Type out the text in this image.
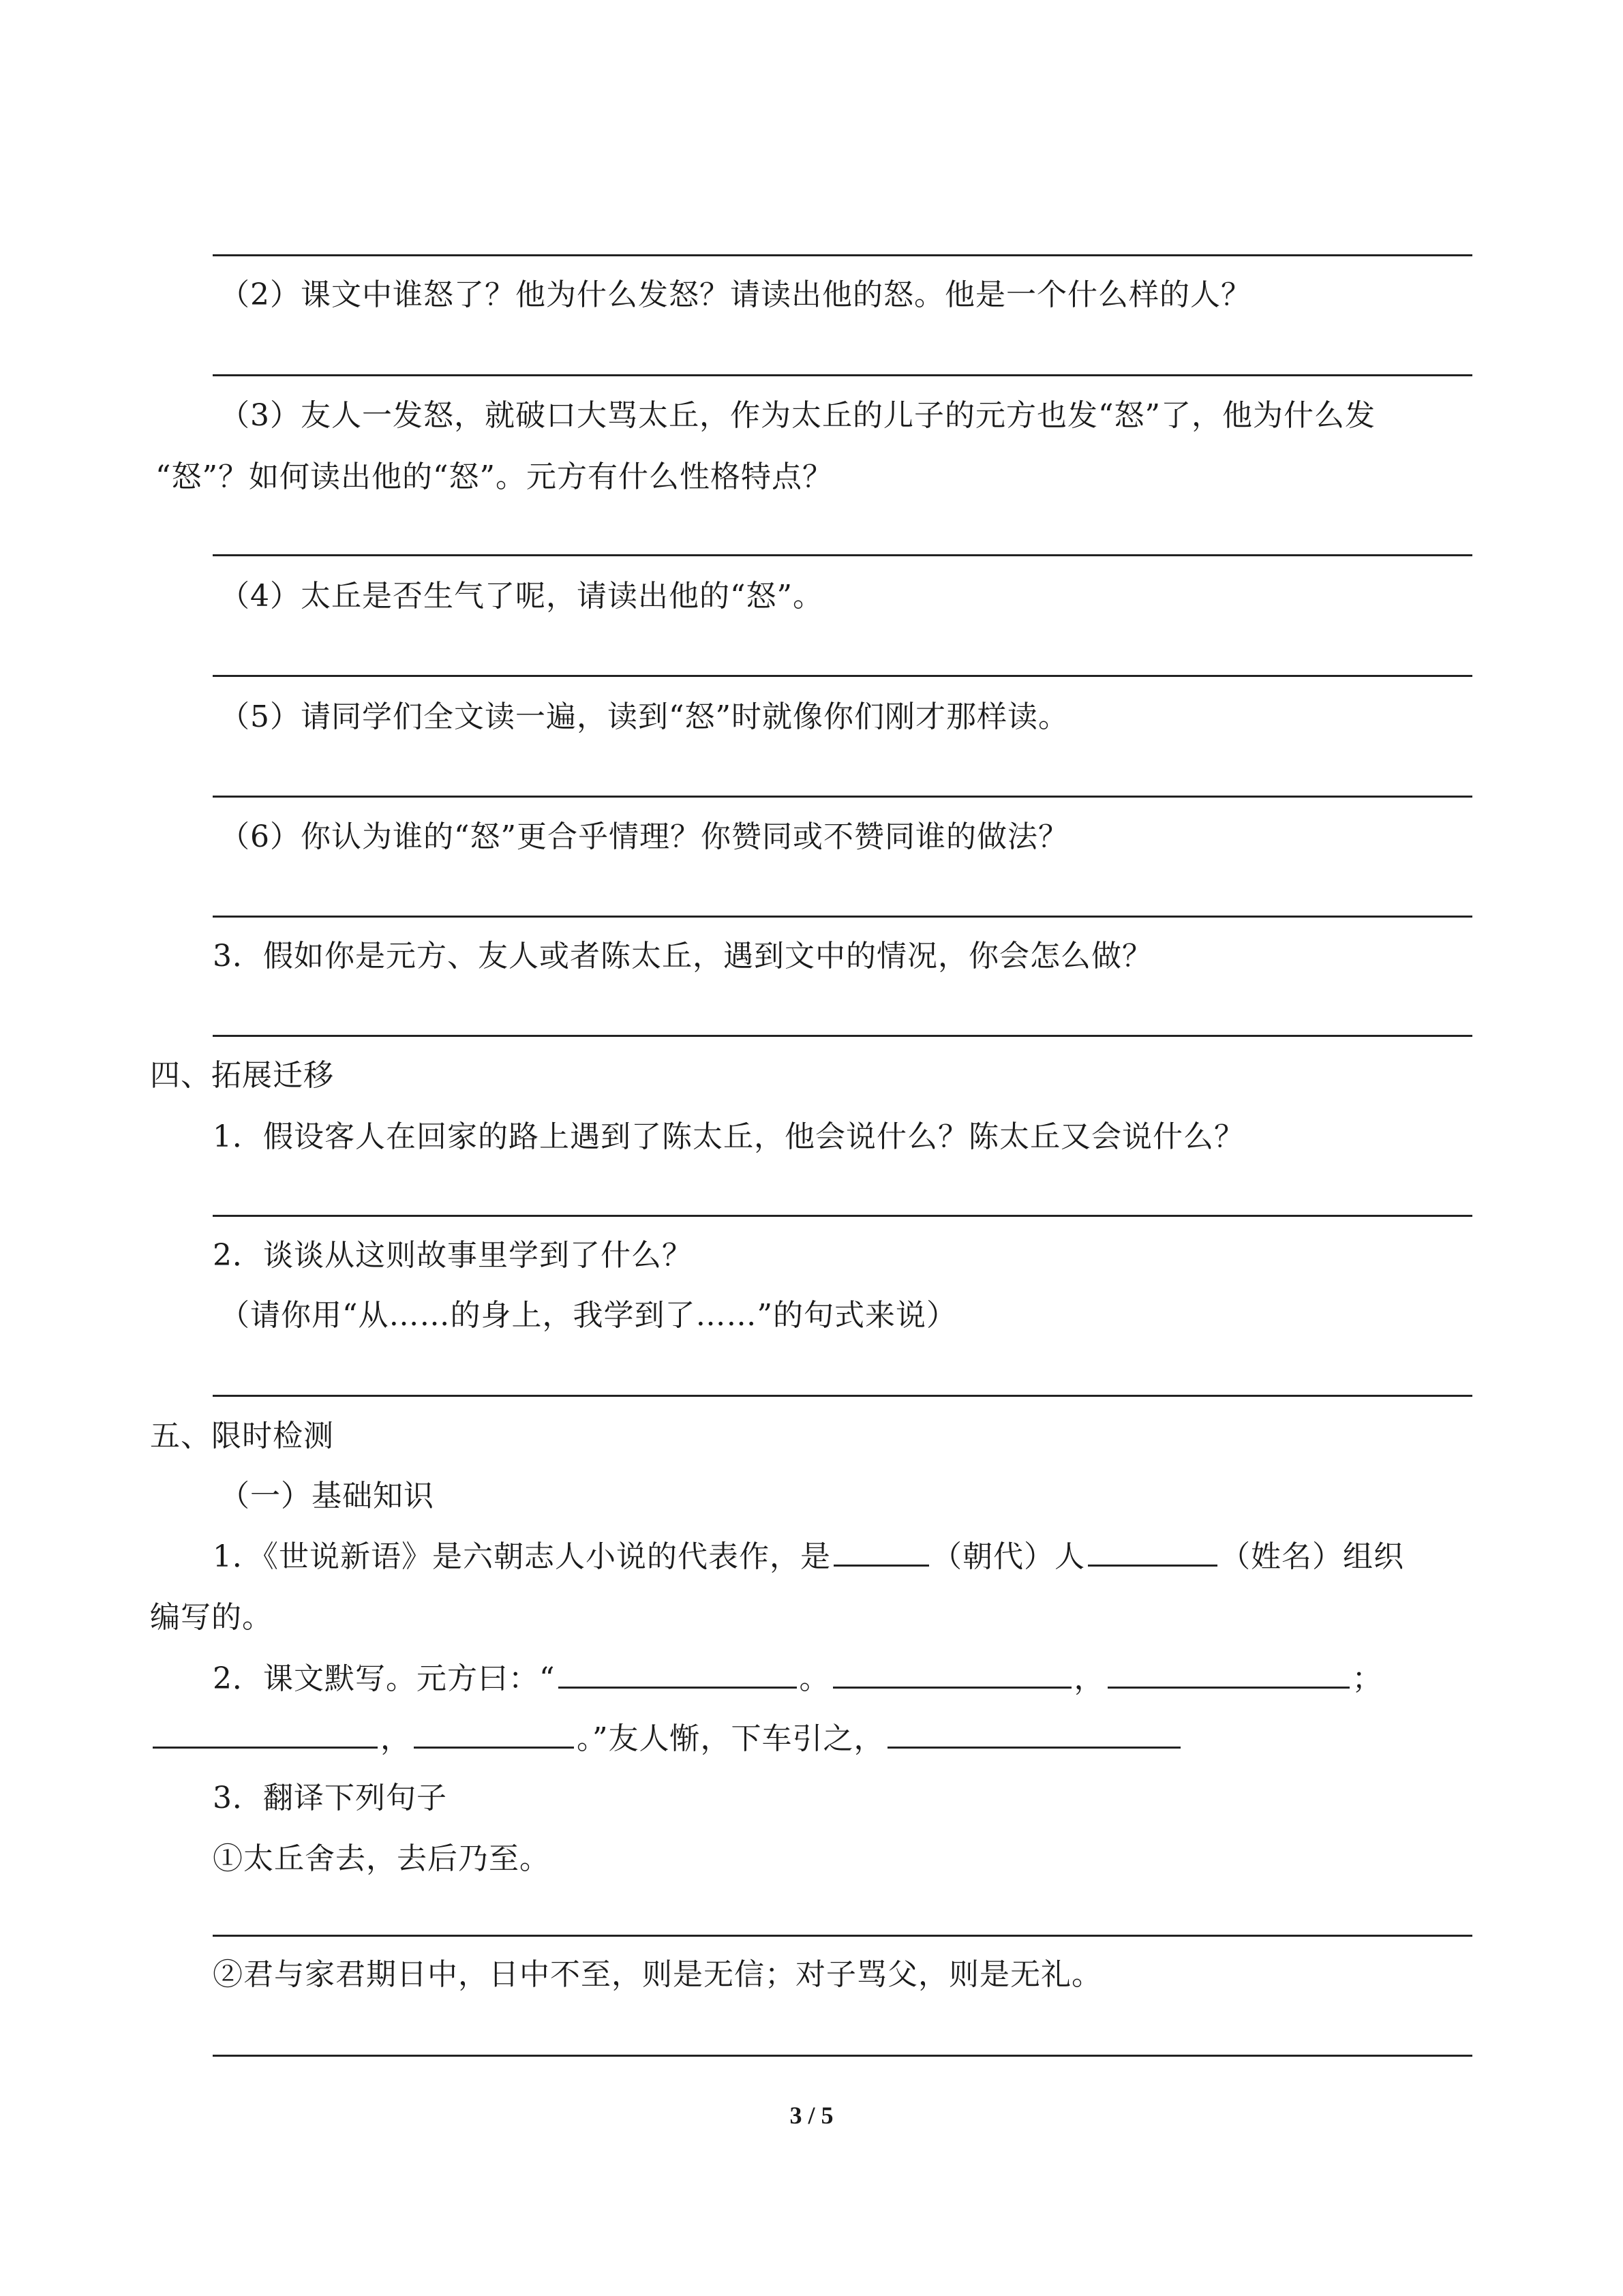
（2）课文中谁怒了？他为什么发怒？请读出他的怒。他是一个什么样的人？
（3）友人一发怒，就破口大骂太丘，作为太丘的儿子的元方也发“怒”了，他为什么发
“怒”？如何读出他的“怒”。元方有什么性格特点？
（4）太丘是否生气了呢，请读出他的“怒”。
（5）请同学们全文读一遍，读到“怒”时就像你们刚才那样读。
（6）你认为谁的“怒”更合乎情理？你赞同或不赞同谁的做法？
3．假如你是元方、友人或者陈太丘，遇到文中的情况，你会怎么做？
四、拓展迁移
1．假设客人在回家的路上遇到了陈太丘，他会说什么？陈太丘又会说什么？
2．谈谈从这则故事里学到了什么？
（请你用“从……的身上，我学到了……”的句式来说）
五、限时检测
（一）基础知识
1．《世说新语》是六朝志人小说的代表作，是	（朝代）人	（姓名）组织
编写的。
2．课文默写。元方曰：“	。	，	；
，	。”友人惭，下车引之，
3．翻译下列句子
①太丘舍去，去后乃至。
②君与家君期日中，日中不至，则是无信；对子骂父，则是无礼。
3 / 5
